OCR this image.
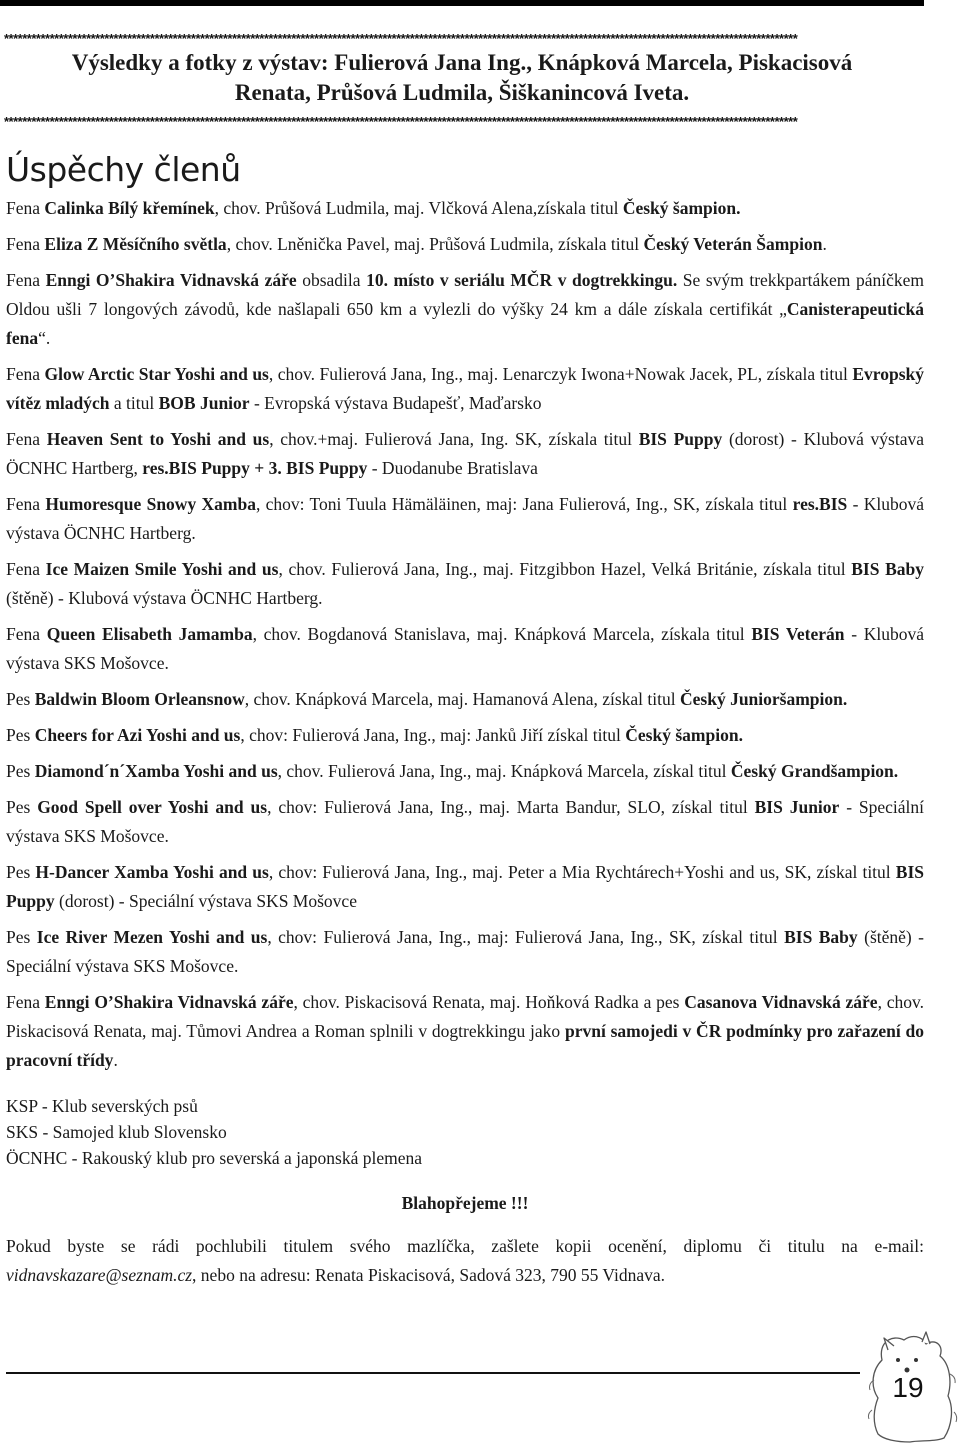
******************************************************************************************************************************************************************************
Výsledky a fotky z výstav: Fulierová Jana Ing., Knápková Marcela, Piskacisová
Renata, Průšová Ludmila, Šiškanincová Iveta.
******************************************************************************************************************************************************************************
Úspěchy členů

Fena Calinka Bílý křemínek, chov. Průšová Ludmila, maj. Vlčková Alena,získala titul Český šampion.

Fena Eliza Z Měsíčního světla, chov. Lněnička Pavel, maj. Průšová Ludmila, získala titul Český Veterán Šampion.

Fena Enngi O’Shakira Vidnavská záře obsadila 10. místo v seriálu MČR v dogtrekkingu. Se svým trekkpartákem páníčkem Oldou ušli 7 longových závodů, kde našlapali 650 km a vylezli do výšky 24 km a dále získala certifikát „Canisterapeutická fena“.

Fena Glow Arctic Star Yoshi and us, chov. Fulierová Jana, Ing., maj. Lenarczyk Iwona+Nowak Jacek, PL, získala titul Evropský vítěz mladých a titul BOB Junior - Evropská výstava Budapešť, Maďarsko

Fena Heaven Sent to Yoshi and us, chov.+maj. Fulierová Jana, Ing. SK, získala titul BIS Puppy (dorost) - Klubová výstava ÖCNHC Hartberg, res.BIS Puppy + 3. BIS Puppy - Duodanube Bratislava

Fena Humoresque Snowy Xamba, chov: Toni Tuula Hämäläinen, maj: Jana Fulierová, Ing., SK, získala titul res.BIS - Klubová výstava ÖCNHC Hartberg.

Fena Ice Maizen Smile Yoshi and us, chov. Fulierová Jana, Ing., maj. Fitzgibbon Hazel, Velká Británie, získala titul BIS Baby (štěně) - Klubová výstava ÖCNHC Hartberg.

Fena Queen Elisabeth Jamamba, chov. Bogdanová Stanislava, maj. Knápková Marcela, získala titul BIS Veterán - Klubová výstava SKS Mošovce.

Pes Baldwin Bloom Orleansnow, chov. Knápková Marcela, maj. Hamanová Alena, získal titul Český Junioršampion.

Pes Cheers for Azi Yoshi and us, chov: Fulierová Jana, Ing., maj: Janků Jiří získal titul Český šampion.

Pes Diamond´n´Xamba Yoshi and us, chov. Fulierová Jana, Ing., maj. Knápková Marcela, získal titul Český Grandšampion.

Pes Good Spell over Yoshi and us, chov: Fulierová Jana, Ing., maj. Marta Bandur, SLO, získal titul BIS Junior - Speciální výstava SKS Mošovce.

Pes H-Dancer Xamba Yoshi and us, chov: Fulierová Jana, Ing., maj. Peter a Mia Rychtárech+Yoshi and us, SK, získal titul BIS Puppy (dorost) - Speciální výstava SKS Mošovce

Pes Ice River Mezen Yoshi and us, chov: Fulierová Jana, Ing., maj: Fulierová Jana, Ing., SK, získal titul BIS Baby (štěně) - Speciální výstava SKS Mošovce.

Fena Enngi O’Shakira Vidnavská záře, chov. Piskacisová Renata, maj. Hoňková Radka a pes Casanova Vidnavská záře, chov. Piskacisová Renata, maj. Tůmovi Andrea a Roman splnili v dogtrekkingu jako první samojedi v ČR podmínky pro zařazení do pracovní třídy.

KSP - Klub severských psů
SKS - Samojed klub Slovensko
ÖCNHC - Rakouský klub pro severská a japonská plemena
Blahopřejeme !!!

Pokud byste se rádi pochlubili titulem svého mazlíčka, zašlete kopii ocenění, diplomu či titulu na e-mail: vidnavskazare@seznam.cz, nebo na adresu: Renata Piskacisová, Sadová 323, 790 55 Vidnava.

19
